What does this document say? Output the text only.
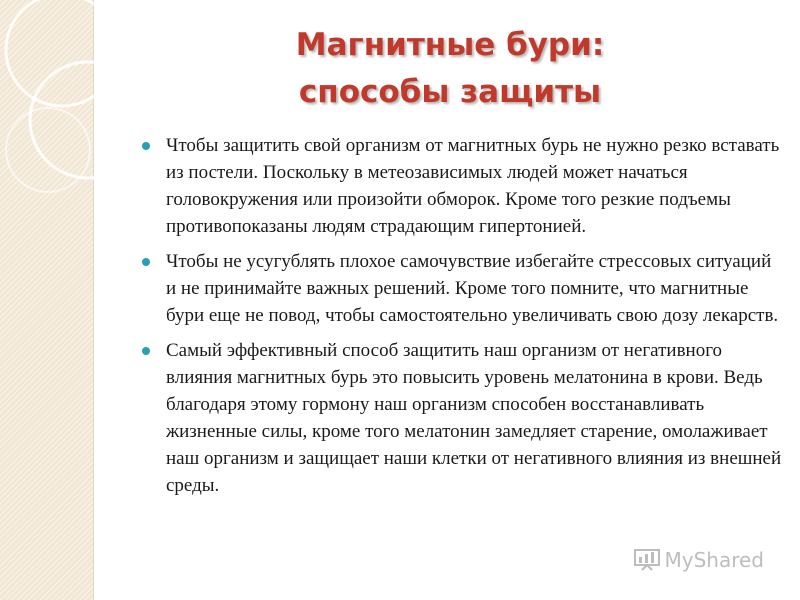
Магнитные бури:
способы защиты
Чтобы защитить свой организм от магнитных бурь не нужно резко вставать из постели. Поскольку в метеозависимых людей может начаться головокружения или произойти обморок. Кроме того резкие подъемы противопоказаны людям страдающим гипертонией.
Чтобы не усугублять плохое самочувствие избегайте стрессовых ситуаций и не принимайте важных решений. Кроме того помните, что магнитные бури еще не повод, чтобы самостоятельно увеличивать свою дозу лекарств.
Самый эффективный способ защитить наш организм от негативного влияния магнитных бурь это повысить уровень мелатонина в крови. Ведь благодаря этому гормону наш организм способен восстанавливать жизненные силы, кроме того мелатонин замедляет старение, омолаживает наш организм и защищает наши клетки от негативного влияния из внешней среды.
MyShared
